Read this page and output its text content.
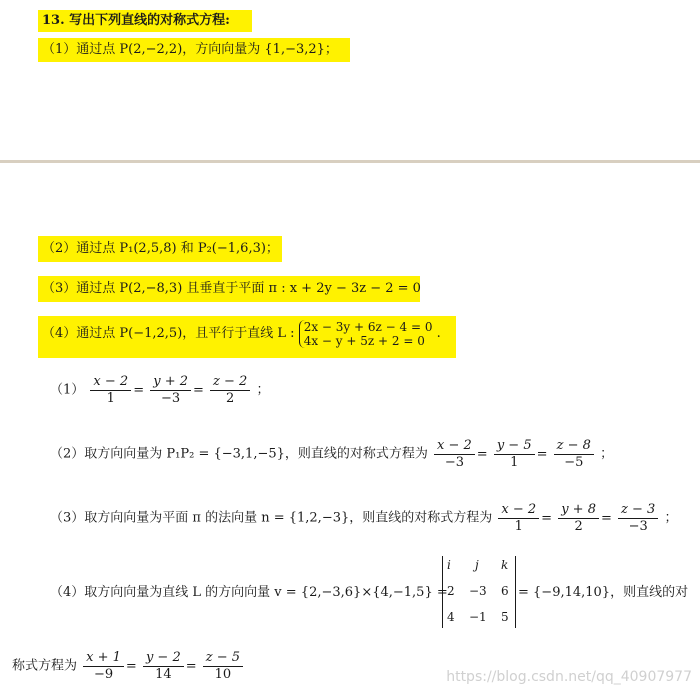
13. 写出下列直线的对称式方程:
（1）通过点 P(2,−2,2)，方向向量为 {1,−3,2}；
（2）通过点 P₁(2,5,8) 和 P₂(−1,6,3)；
（3）通过点 P(2,−8,3) 且垂直于平面 π : x + 2y − 3z − 2 = 0
（4）通过点 P(−1,2,5)，且平行于直线 L : 2x − 3y + 6z − 4 = 0
4x − y + 5z + 2 = 0 .
$(1) \frac{x - 2}{1} = \frac{y + 2}{-3} = \frac{z - 2}{2}$ ；
（2）取方向向量为 P₁P₂ = {−3,1,−5}，则直线的对称式方程为 $\frac{x - 2}{-3} = \frac{y - 5}{1} = \frac{z - 8}{-5}$ ；
（3）取方向向量为平面 π 的法向量 n = {1,2,−3}，则直线的对称式方程为 $\frac{x - 2}{1} = \frac{y + 8}{2} = \frac{z - 3}{-3}$ ；
（4）取方向向量为直线 L 的方向向量 v = {2,−3,6}×{4,−1,5} =
i j k
2 −3 6
4 −1 5
= {−9,14,10}，则直线的对
称式方程为 $\frac{x + 1}{-9} = \frac{y - 2}{14} = \frac{z - 5}{10}$	https://blog.csdn.net/qq_40907977
